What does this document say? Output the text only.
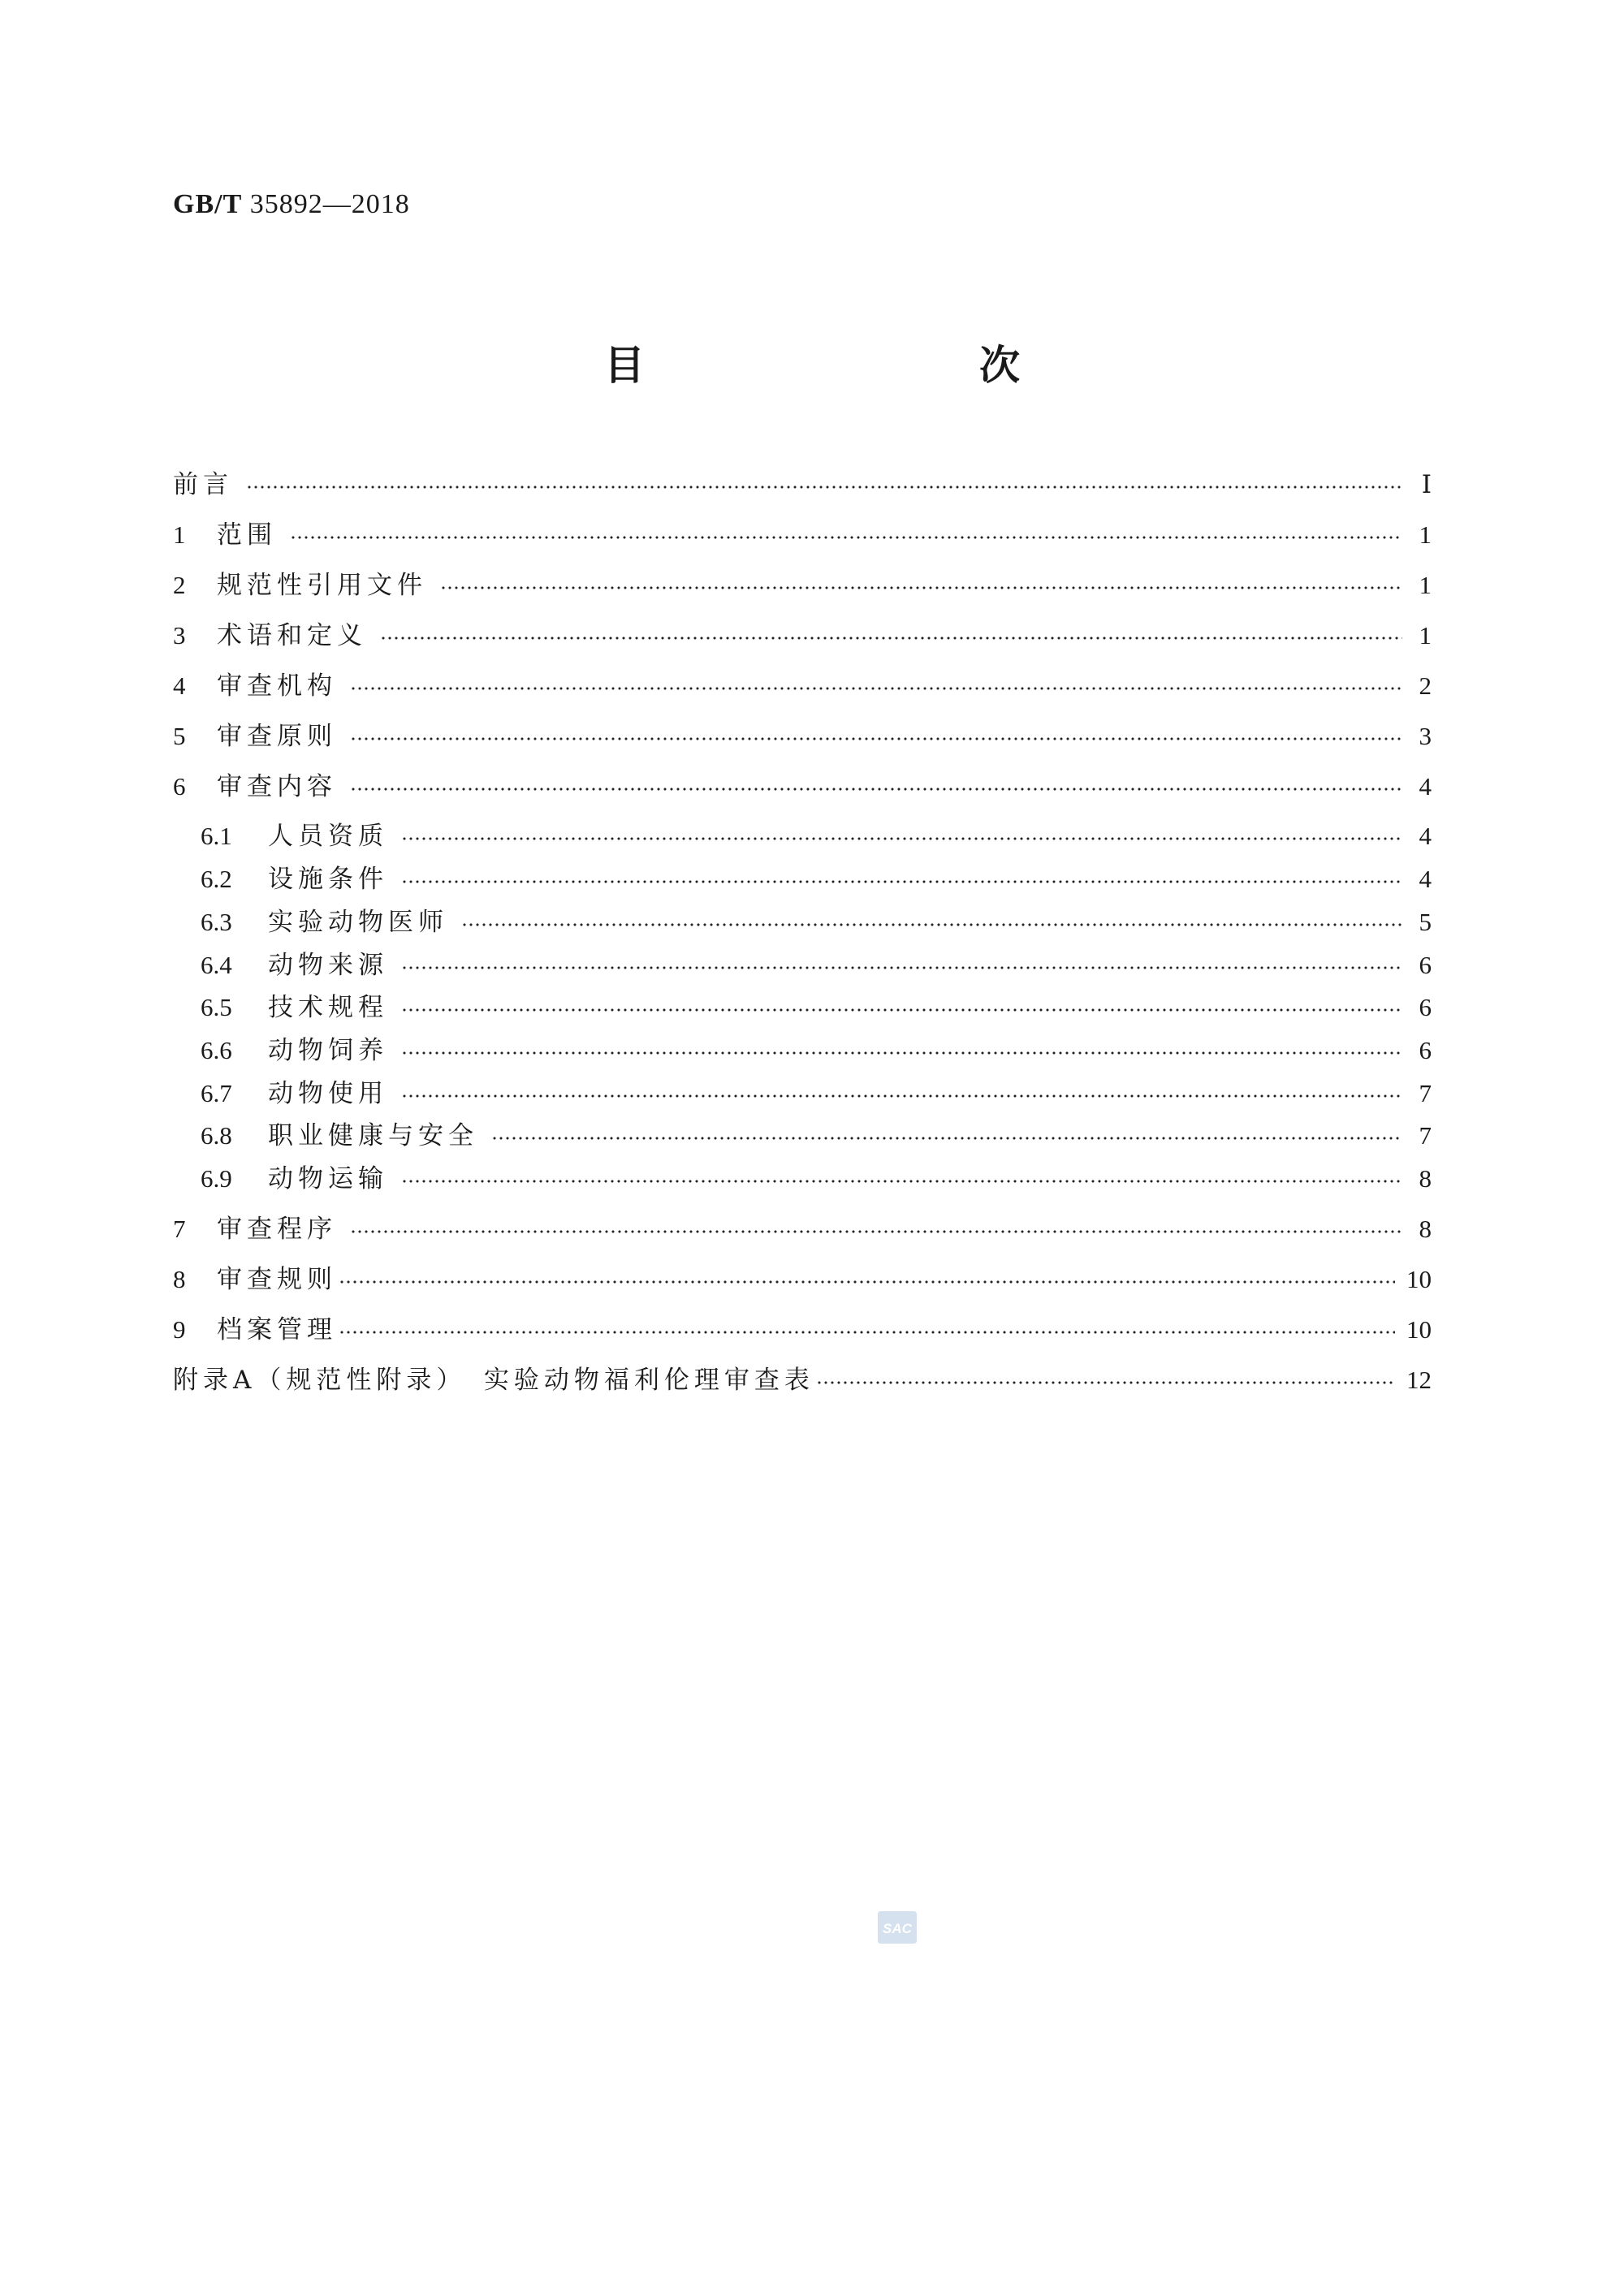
GB/T 35892—2018
目　　次
前言	Ⅰ
1	范围	1
2	规范性引用文件	1
3	术语和定义	1
4	审查机构	2
5	审查原则	3
6	审查内容	4
6.1	人员资质	4
6.2	设施条件	4
6.3	实验动物医师	5
6.4	动物来源	6
6.5	技术规程	6
6.6	动物饲养	6
6.7	动物使用	7
6.8	职业健康与安全	7
6.9	动物运输	8
7	审查程序	8
8	审查规则	10
9	档案管理	10
附录A（规范性附录）　实验动物福利伦理审查表	12
SAC
